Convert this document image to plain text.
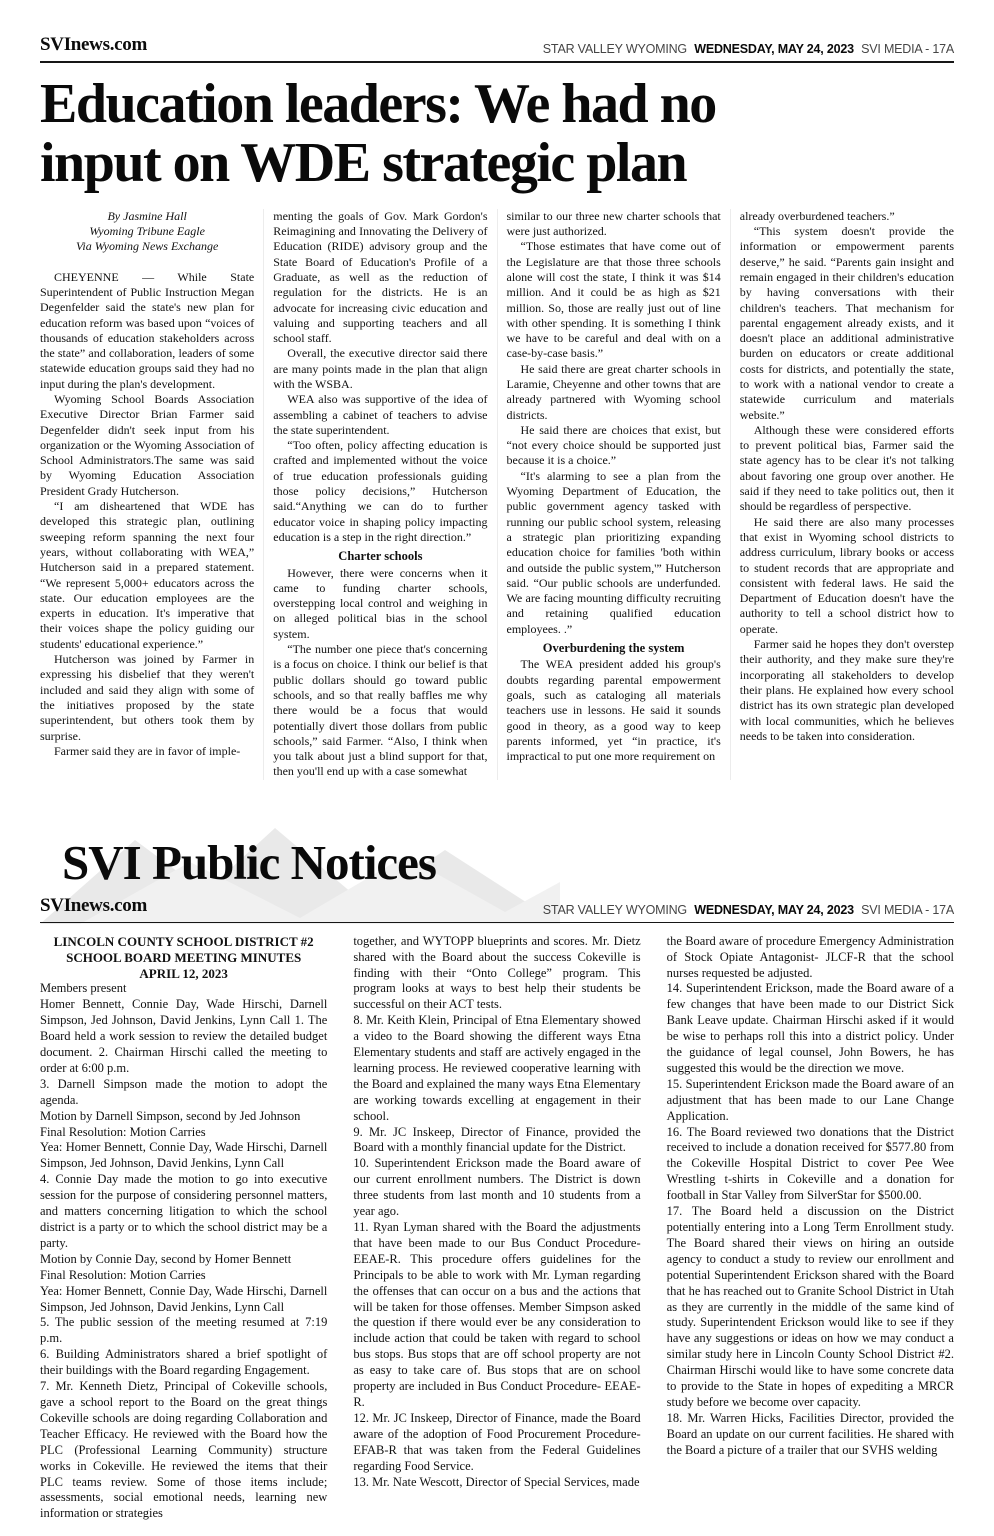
SVInews.com	STAR VALLEY WYOMING WEDNESDAY, MAY 24, 2023 SVI MEDIA - 17A
Education leaders: We had no
input on WDE strategic plan

By Jasmine Hall

Wyoming Tribune Eagle

Via Wyoming News Exchange

CHEYENNE — While State Superintendent of Public Instruction Megan Degenfelder said the state's new plan for education reform was based upon “voices of thousands of education stakeholders across the state” and collaboration, leaders of some statewide education groups said they had no input during the plan's development.

Wyoming School Boards Association Executive Director Brian Farmer said Degenfelder didn't seek input from his organization or the Wyoming Association of School Administrators.The same was said by Wyoming Education Association President Grady Hutcherson.

“I am disheartened that WDE has developed this strategic plan, outlining sweeping reform spanning the next four years, without collaborating with WEA,” Hutcherson said in a prepared statement. “We represent 5,000+ educators across the state. Our education employees are the experts in education. It's imperative that their voices shape the policy guiding our students' educational experience.”

Hutcherson was joined by Farmer in expressing his disbelief that they weren't included and said they align with some of the initiatives proposed by the state superintendent, but others took them by surprise.

Farmer said they are in favor of imple-

menting the goals of Gov. Mark Gordon's Reimagining and Innovating the Delivery of Education (RIDE) advisory group and the State Board of Education's Profile of a Graduate, as well as the reduction of regulation for the districts. He is an advocate for increasing civic education and valuing and supporting teachers and all school staff.

Overall, the executive director said there are many points made in the plan that align with the WSBA.

WEA also was supportive of the idea of assembling a cabinet of teachers to advise the state superintendent.

“Too often, policy affecting education is crafted and implemented without the voice of true education professionals guiding those policy decisions,” Hutcherson said.“Anything we can do to further educator voice in shaping policy impacting education is a step in the right direction.”

Charter schools

However, there were concerns when it came to funding charter schools, overstepping local control and weighing in on alleged political bias in the school system.

“The number one piece that's concerning is a focus on choice. I think our belief is that public dollars should go toward public schools, and so that really baffles me why there would be a focus that would potentially divert those dollars from public schools,” said Farmer. “Also, I think when you talk about just a blind support for that, then you'll end up with a case somewhat

similar to our three new charter schools that were just authorized.

“Those estimates that have come out of the Legislature are that those three schools alone will cost the state, I think it was $14 million. And it could be as high as $21 million. So, those are really just out of line with other spending. It is something I think we have to be careful and deal with on a case-by-case basis.”

He said there are great charter schools in Laramie, Cheyenne and other towns that are already partnered with Wyoming school districts.

He said there are choices that exist, but “not every choice should be supported just because it is a choice.”

“It's alarming to see a plan from the Wyoming Department of Education, the public government agency tasked with running our public school system, releasing a strategic plan prioritizing expanding education choice for families 'both within and outside the public system,'” Hutcherson said. “Our public schools are underfunded. We are facing mounting difficulty recruiting and retaining qualified education employees. .”

Overburdening the system

The WEA president added his group's doubts regarding parental empowerment goals, such as cataloging all materials teachers use in lessons. He said it sounds good in theory, as a good way to keep parents informed, yet “in practice, it's impractical to put one more requirement on

already overburdened teachers.”

“This system doesn't provide the information or empowerment parents deserve,” he said. “Parents gain insight and remain engaged in their children's education by having conversations with their children's teachers. That mechanism for parental engagement already exists, and it doesn't place an additional administrative burden on educators or create additional costs for districts, and potentially the state, to work with a national vendor to create a statewide curriculum and materials website.”

Although these were considered efforts to prevent political bias, Farmer said the state agency has to be clear it's not talking about favoring one group over another. He said if they need to take politics out, then it should be regardless of perspective.

He said there are also many processes that exist in Wyoming school districts to address curriculum, library books or access to student records that are appropriate and consistent with federal laws. He said the Department of Education doesn't have the authority to tell a school district how to operate.

Farmer said he hopes they don't overstep their authority, and they make sure they're incorporating all stakeholders to develop their plans. He explained how every school district has its own strategic plan developed with local communities, which he believes needs to be taken into consideration.

SVI Public Notices
SVInews.com	STAR VALLEY WYOMING WEDNESDAY, MAY 24, 2023 SVI MEDIA - 17A

LINCOLN COUNTY SCHOOL DISTRICT #2

SCHOOL BOARD MEETING MINUTES

APRIL 12, 2023

Members present

Homer Bennett, Connie Day, Wade Hirschi, Darnell Simpson, Jed Johnson, David Jenkins, Lynn Call 1. The Board held a work session to review the detailed budget document. 2. Chairman Hirschi called the meeting to order at 6:00 p.m.

3. Darnell Simpson made the motion to adopt the agenda.

Motion by Darnell Simpson, second by Jed Johnson

Final Resolution: Motion Carries

Yea: Homer Bennett, Connie Day, Wade Hirschi, Darnell Simpson, Jed Johnson, David Jenkins, Lynn Call

4. Connie Day made the motion to go into executive session for the purpose of considering personnel matters, and matters concerning litigation to which the school district is a party or to which the school district may be a party.

Motion by Connie Day, second by Homer Bennett

Final Resolution: Motion Carries

Yea: Homer Bennett, Connie Day, Wade Hirschi, Darnell Simpson, Jed Johnson, David Jenkins, Lynn Call

5. The public session of the meeting resumed at 7:19 p.m.

6. Building Administrators shared a brief spotlight of their buildings with the Board regarding Engagement.

7. Mr. Kenneth Dietz, Principal of Cokeville schools, gave a school report to the Board on the great things Cokeville schools are doing regarding Collaboration and Teacher Efficacy. He reviewed with the Board how the PLC (Professional Learning Community) structure works in Cokeville. He reviewed the items that their PLC teams review. Some of those items include; assessments, social emotional needs, learning new information or strategies

together, and WYTOPP blueprints and scores. Mr. Dietz shared with the Board about the success Cokeville is finding with their “Onto College” program. This program looks at ways to best help their students be successful on their ACT tests.

8. Mr. Keith Klein, Principal of Etna Elementary showed a video to the Board showing the different ways Etna Elementary students and staff are actively engaged in the learning process. He reviewed cooperative learning with the Board and explained the many ways Etna Elementary are working towards excelling at engagement in their school.

9. Mr. JC Inskeep, Director of Finance, provided the Board with a monthly financial update for the District.

10. Superintendent Erickson made the Board aware of our current enrollment numbers. The District is down three students from last month and 10 students from a year ago.

11. Ryan Lyman shared with the Board the adjustments that have been made to our Bus Conduct Procedure-EEAE-R. This procedure offers guidelines for the Principals to be able to work with Mr. Lyman regarding the offenses that can occur on a bus and the actions that will be taken for those offenses. Member Simpson asked the question if there would ever be any consideration to include action that could be taken with regard to school bus stops. Bus stops that are off school property are not as easy to take care of. Bus stops that are on school property are included in Bus Conduct Procedure- EEAE-R.

12. Mr. JC Inskeep, Director of Finance, made the Board aware of the adoption of Food Procurement Procedure-EFAB-R that was taken from the Federal Guidelines regarding Food Service.

13. Mr. Nate Wescott, Director of Special Services, made

the Board aware of procedure Emergency Administration of Stock Opiate Antagonist- JLCF-R that the school nurses requested be adjusted.

14. Superintendent Erickson, made the Board aware of a few changes that have been made to our District Sick Bank Leave update. Chairman Hirschi asked if it would be wise to perhaps roll this into a district policy. Under the guidance of legal counsel, John Bowers, he has suggested this would be the direction we move.

15. Superintendent Erickson made the Board aware of an adjustment that has been made to our Lane Change Application.

16. The Board reviewed two donations that the District received to include a donation received for $577.80 from the Cokeville Hospital District to cover Pee Wee Wrestling t-shirts in Cokeville and a donation for football in Star Valley from SilverStar for $500.00.

17. The Board held a discussion on the District potentially entering into a Long Term Enrollment study. The Board shared their views on hiring an outside agency to conduct a study to review our enrollment and potential Superintendent Erickson shared with the Board that he has reached out to Granite School District in Utah as they are currently in the middle of the same kind of study. Superintendent Erickson would like to see if they have any suggestions or ideas on how we may conduct a similar study here in Lincoln County School District #2. Chairman Hirschi would like to have some concrete data to provide to the State in hopes of expediting a MRCR study before we become over capacity.

18. Mr. Warren Hicks, Facilities Director, provided the Board an update on our current facilities. He shared with the Board a picture of a trailer that our SVHS welding
